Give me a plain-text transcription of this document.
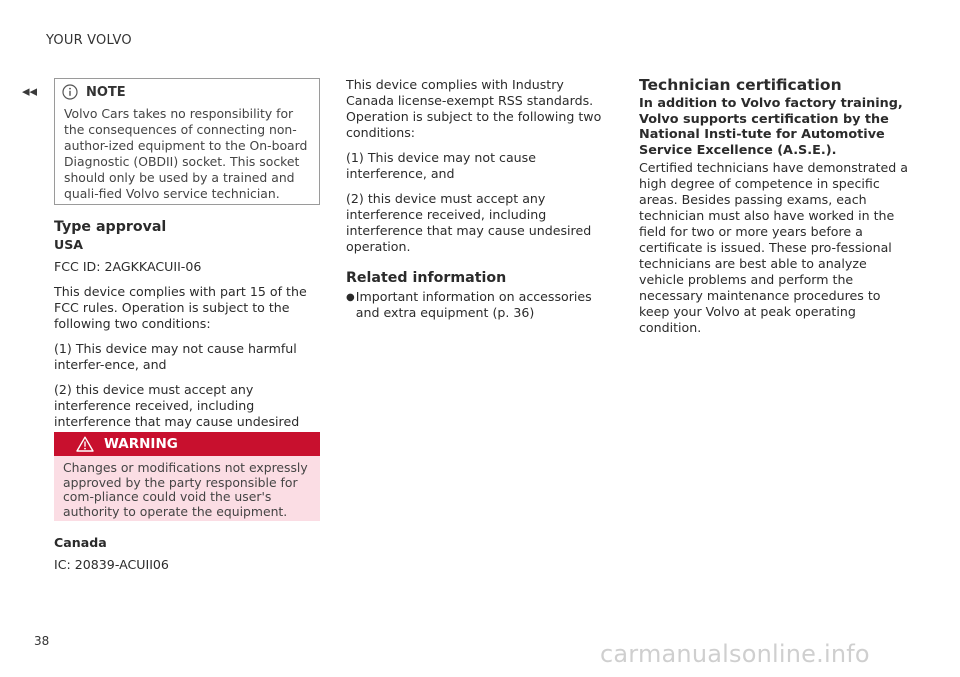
YOUR VOLVO
◂◂	NOTE
Volvo Cars takes no responsibility for the consequences of connecting non-author-ized equipment to the On-board Diagnostic (OBDII) socket. This socket should only be used by a trained and quali-fied Volvo service technician.
Type approval
USA

FCC ID: 2AGKKACUII-06

This device complies with part 15 of the FCC rules. Operation is subject to the following two conditions:

(1) This device may not cause harmful interfer-ence, and

(2) this device must accept any interference received, including interference that may cause undesired

WARNING
Changes or modifications not expressly approved by the party responsible for com-pliance could void the user's authority to operate the equipment.
Canada

IC: 20839-ACUII06

This device complies with Industry Canada license-exempt RSS standards. Operation is subject to the following two conditions:

(1) This device may not cause interference, and

(2) this device must accept any interference received, including interference that may cause undesired operation.

Related information
● Important information on accessories and extra equipment (p. 36)
Technician certification
In addition to Volvo factory training, Volvo supports certification by the National Insti-tute for Automotive Service Excellence (A.S.E.).
Certified technicians have demonstrated a high degree of competence in specific areas. Besides passing exams, each technician must also have worked in the field for two or more years before a certificate is issued. These pro-fessional technicians are best able to analyze vehicle problems and perform the necessary maintenance procedures to keep your Volvo at peak operating condition.
38	carmanualsonline.info
